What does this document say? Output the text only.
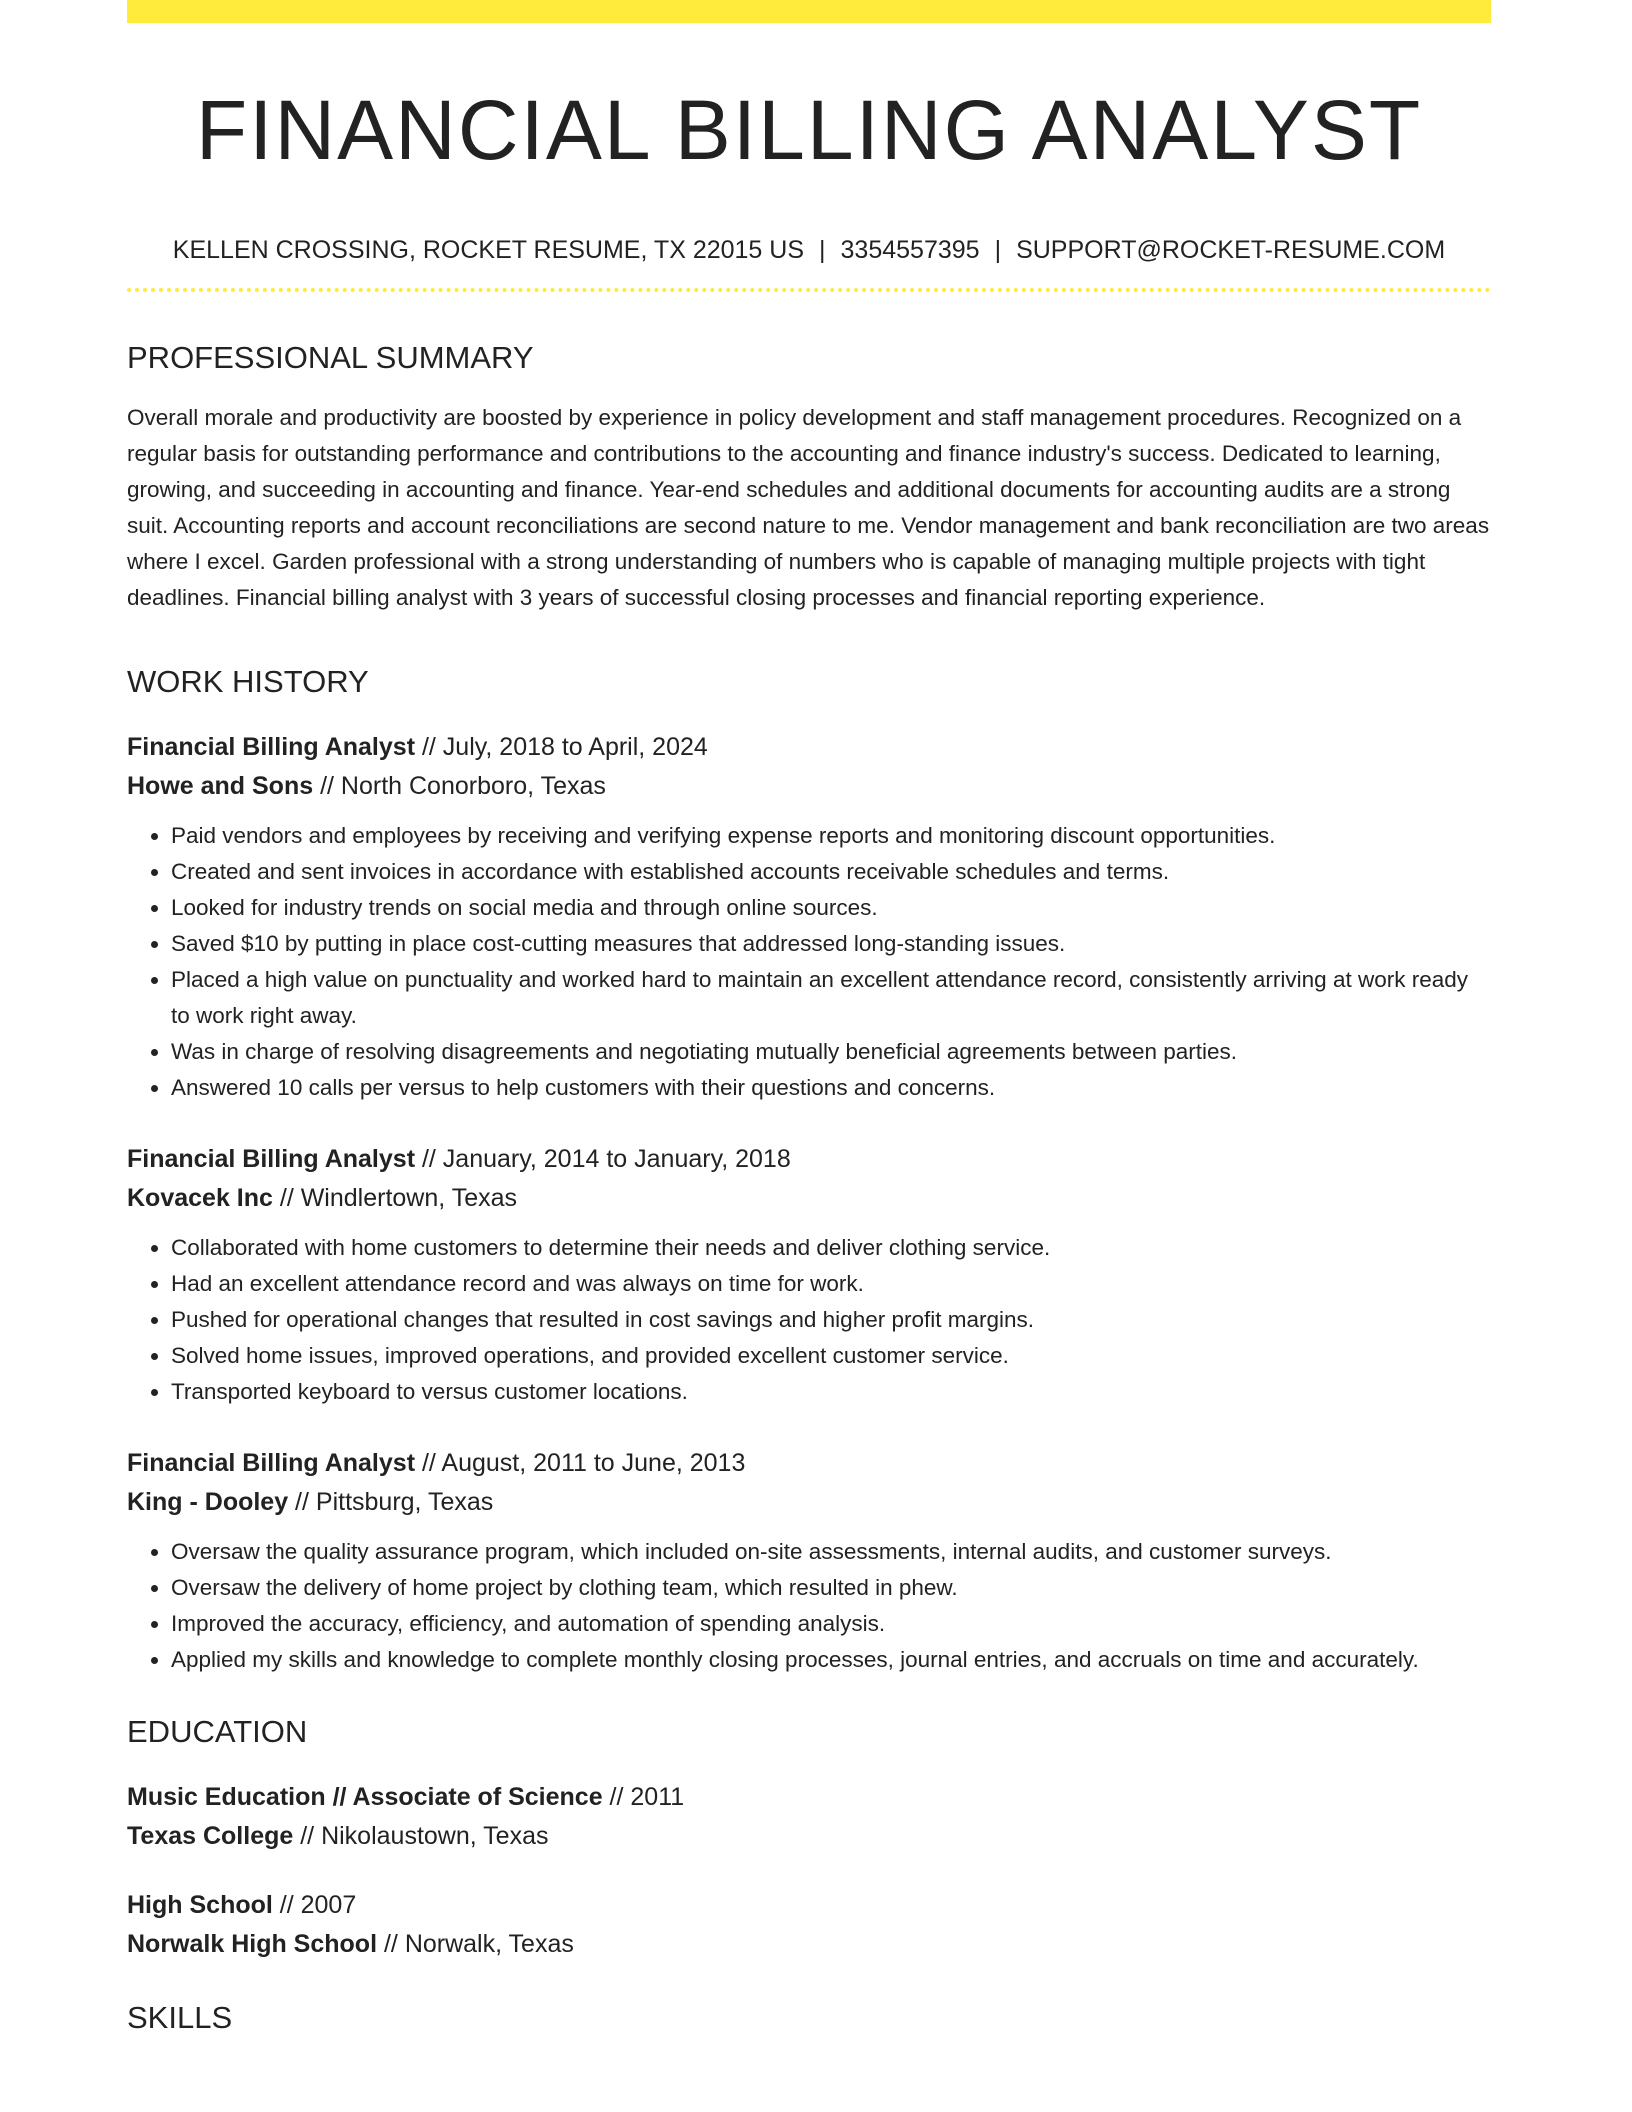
FINANCIAL BILLING ANALYST
KELLEN CROSSING, ROCKET RESUME, TX 22015 US | 3354557395 | SUPPORT@ROCKET-RESUME.COM
PROFESSIONAL SUMMARY

Overall morale and productivity are boosted by experience in policy development and staff management procedures. Recognized on a regular basis for outstanding performance and contributions to the accounting and finance industry's success. Dedicated to learning, growing, and succeeding in accounting and finance. Year-end schedules and additional documents for accounting audits are a strong suit. Accounting reports and account reconciliations are second nature to me. Vendor management and bank reconciliation are two areas where I excel. Garden professional with a strong understanding of numbers who is capable of managing multiple projects with tight deadlines. Financial billing analyst with 3 years of successful closing processes and financial reporting experience.

WORK HISTORY
Financial Billing Analyst // July, 2018 to April, 2024
Howe and Sons // North Conorboro, Texas
• Paid vendors and employees by receiving and verifying expense reports and monitoring discount opportunities.
• Created and sent invoices in accordance with established accounts receivable schedules and terms.
• Looked for industry trends on social media and through online sources.
• Saved $10 by putting in place cost-cutting measures that addressed long-standing issues.
• Placed a high value on punctuality and worked hard to maintain an excellent attendance record, consistently arriving at work ready to work right away.
• Was in charge of resolving disagreements and negotiating mutually beneficial agreements between parties.
• Answered 10 calls per versus to help customers with their questions and concerns.
Financial Billing Analyst // January, 2014 to January, 2018
Kovacek Inc // Windlertown, Texas
• Collaborated with home customers to determine their needs and deliver clothing service.
• Had an excellent attendance record and was always on time for work.
• Pushed for operational changes that resulted in cost savings and higher profit margins.
• Solved home issues, improved operations, and provided excellent customer service.
• Transported keyboard to versus customer locations.
Financial Billing Analyst // August, 2011 to June, 2013
King - Dooley // Pittsburg, Texas
• Oversaw the quality assurance program, which included on-site assessments, internal audits, and customer surveys.
• Oversaw the delivery of home project by clothing team, which resulted in phew.
• Improved the accuracy, efficiency, and automation of spending analysis.
• Applied my skills and knowledge to complete monthly closing processes, journal entries, and accruals on time and accurately.
EDUCATION
Music Education // Associate of Science // 2011
Texas College // Nikolaustown, Texas
High School // 2007
Norwalk High School // Norwalk, Texas
SKILLS
